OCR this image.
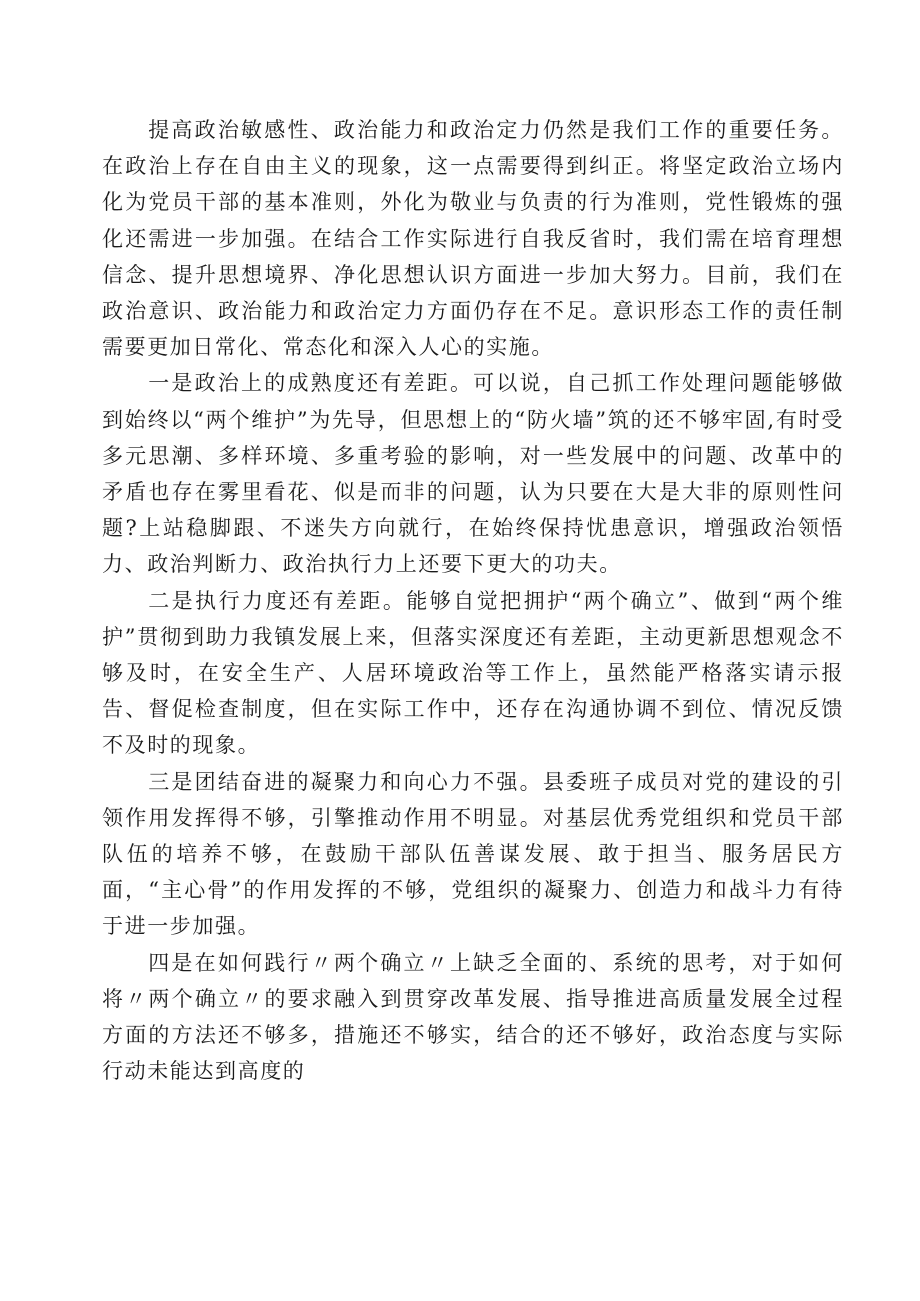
提高政治敏感性、政治能力和政治定力仍然是我们工作的重要任务。在政治上存在自由主义的现象，这一点需要得到纠正。将坚定政治立场内化为党员干部的基本准则，外化为敬业与负责的行为准则，党性锻炼的强化还需进一步加强。在结合工作实际进行自我反省时，我们需在培育理想信念、提升思想境界、净化思想认识方面进一步加大努力。目前，我们在政治意识、政治能力和政治定力方面仍存在不足。意识形态工作的责任制需要更加日常化、常态化和深入人心的实施。

一是政治上的成熟度还有差距。可以说，自己抓工作处理问题能够做到始终以“两个维护”为先导，但思想上的“防火墙”筑的还不够牢固,有时受多元思潮、多样环境、多重考验的影响，对一些发展中的问题、改革中的矛盾也存在雾里看花、似是而非的问题，认为只要在大是大非的原则性问题?上站稳脚跟、不迷失方向就行，在始终保持忧患意识，增强政治领悟力、政治判断力、政治执行力上还要下更大的功夫。

二是执行力度还有差距。能够自觉把拥护“两个确立”、做到“两个维护”贯彻到助力我镇发展上来，但落实深度还有差距，主动更新思想观念不够及时，在安全生产、人居环境政治等工作上，虽然能严格落实请示报告、督促检查制度，但在实际工作中，还存在沟通协调不到位、情况反馈不及时的现象。

三是团结奋进的凝聚力和向心力不强。县委班子成员对党的建设的引领作用发挥得不够，引擎推动作用不明显。对基层优秀党组织和党员干部队伍的培养不够，在鼓励干部队伍善谋发展、敢于担当、服务居民方面，“主心骨”的作用发挥的不够，党组织的凝聚力、创造力和战斗力有待于进一步加强。

四是在如何践行〃两个确立〃上缺乏全面的、系统的思考，对于如何将〃两个确立〃的要求融入到贯穿改革发展、指导推进高质量发展全过程方面的方法还不够多，措施还不够实，结合的还不够好，政治态度与实际行动未能达到高度的
